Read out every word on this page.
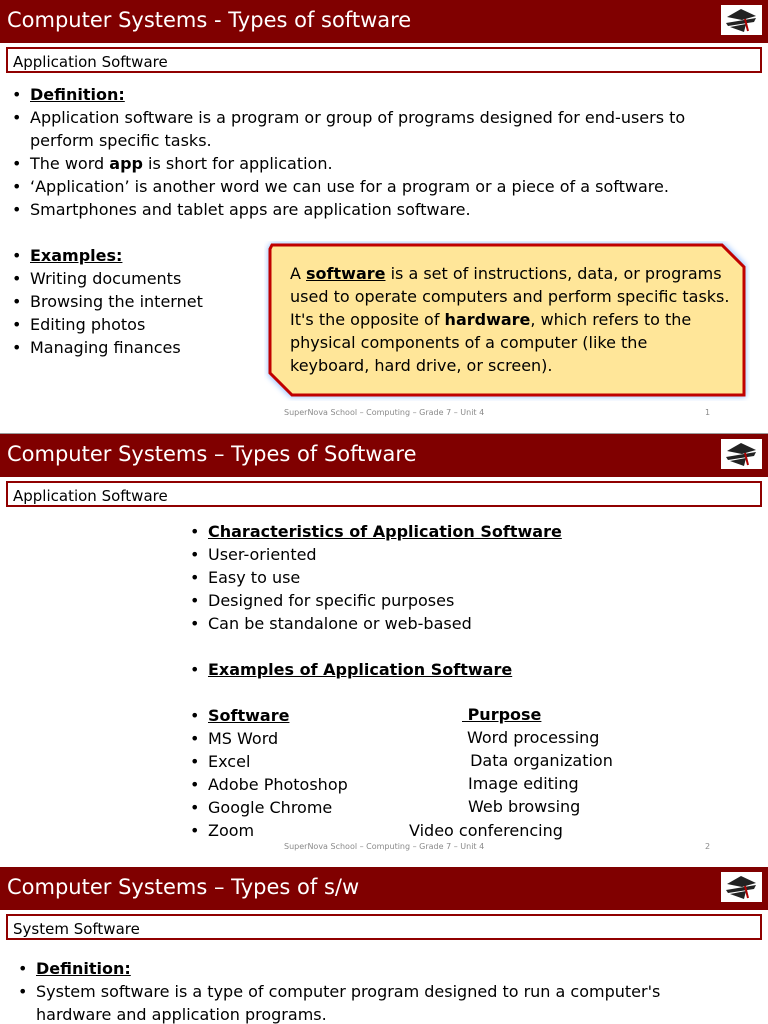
Computer Systems - Types of software
Application Software
• Definition:
• Application software is a program or group of programs designed for end-users to perform specific tasks.
• The word app is short for application.
• ‘Application’ is another word we can use for a program or a piece of a software.
• Smartphones and tablet apps are application software.
• Examples:
• Writing documents
• Browsing the internet
• Editing photos
• Managing finances
A software is a set of instructions, data, or programs used to operate computers and perform specific tasks. It's the opposite of hardware, which refers to the physical components of a computer (like the keyboard, hard drive, or screen).
SuperNova School – Computing – Grade 7 – Unit 4	1
Computer Systems – Types of Software
Application Software
• Characteristics of Application Software
• User-oriented
• Easy to use
• Designed for specific purposes
• Can be standalone or web-based
• Examples of Application Software
• Software
• MS Word
• Excel
• Adobe Photoshop
• Google Chrome
• Zoom
Purpose
Word processing
Data organization
Image editing
Web browsing
Video conferencing
SuperNova School – Computing – Grade 7 – Unit 4	2
Computer Systems – Types of s/w
System Software
• Definition:
• System software is a type of computer program designed to run a computer's hardware and application programs.
